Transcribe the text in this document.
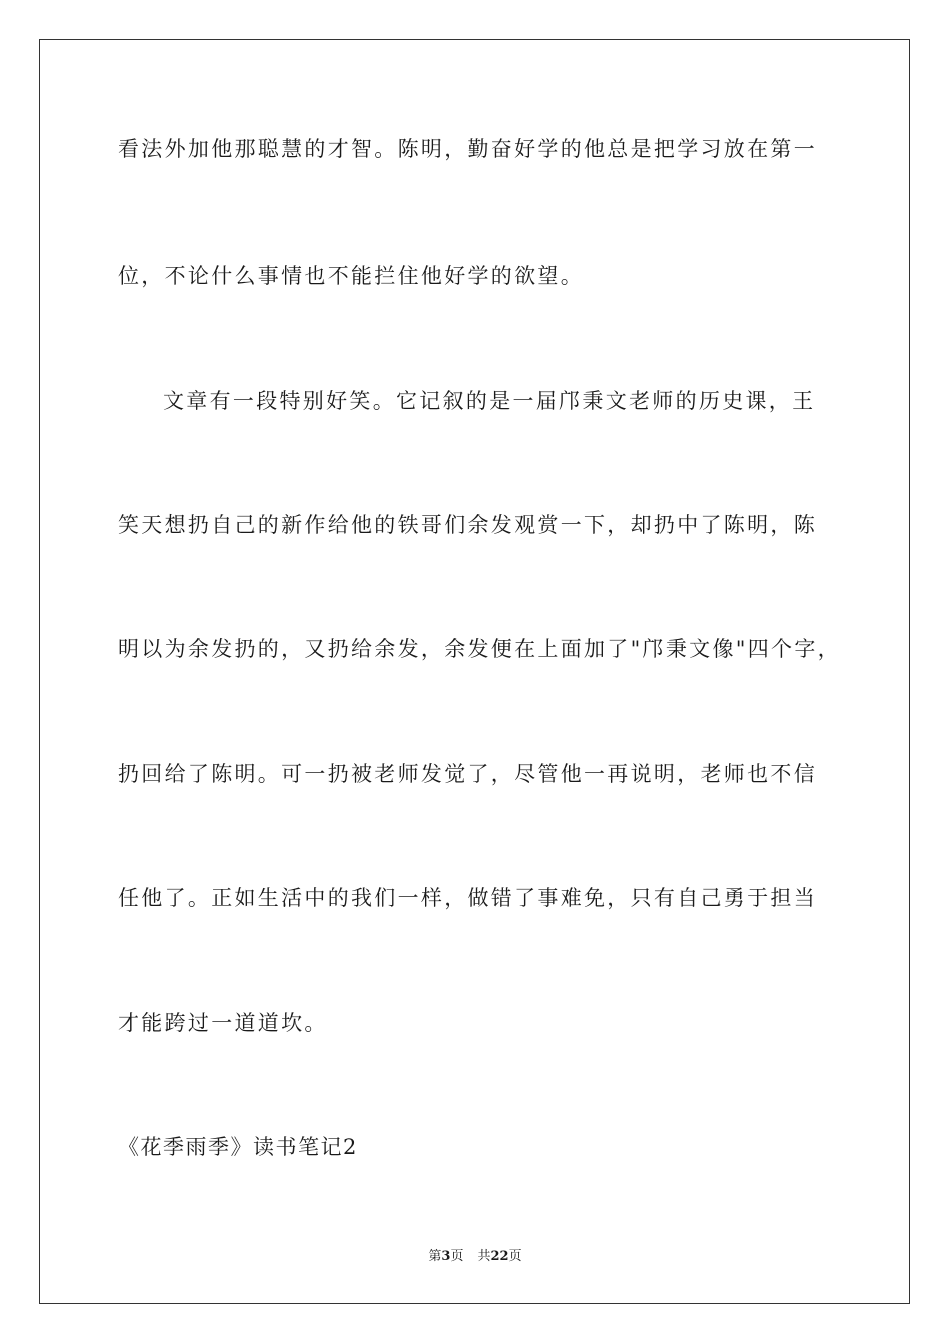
看法外加他那聪慧的才智。陈明，勤奋好学的他总是把学习放在第一
位，不论什么事情也不能拦住他好学的欲望。
文章有一段特别好笑。它记叙的是一届邝秉文老师的历史课，王
笑天想扔自己的新作给他的铁哥们余发观赏一下，却扔中了陈明，陈
明以为余发扔的，又扔给余发，余发便在上面加了"邝秉文像"四个字，
扔回给了陈明。可一扔被老师发觉了，尽管他一再说明，老师也不信
任他了。正如生活中的我们一样，做错了事难免，只有自己勇于担当
才能跨过一道道坎。
《花季雨季》读书笔记2
第3页 共22页
